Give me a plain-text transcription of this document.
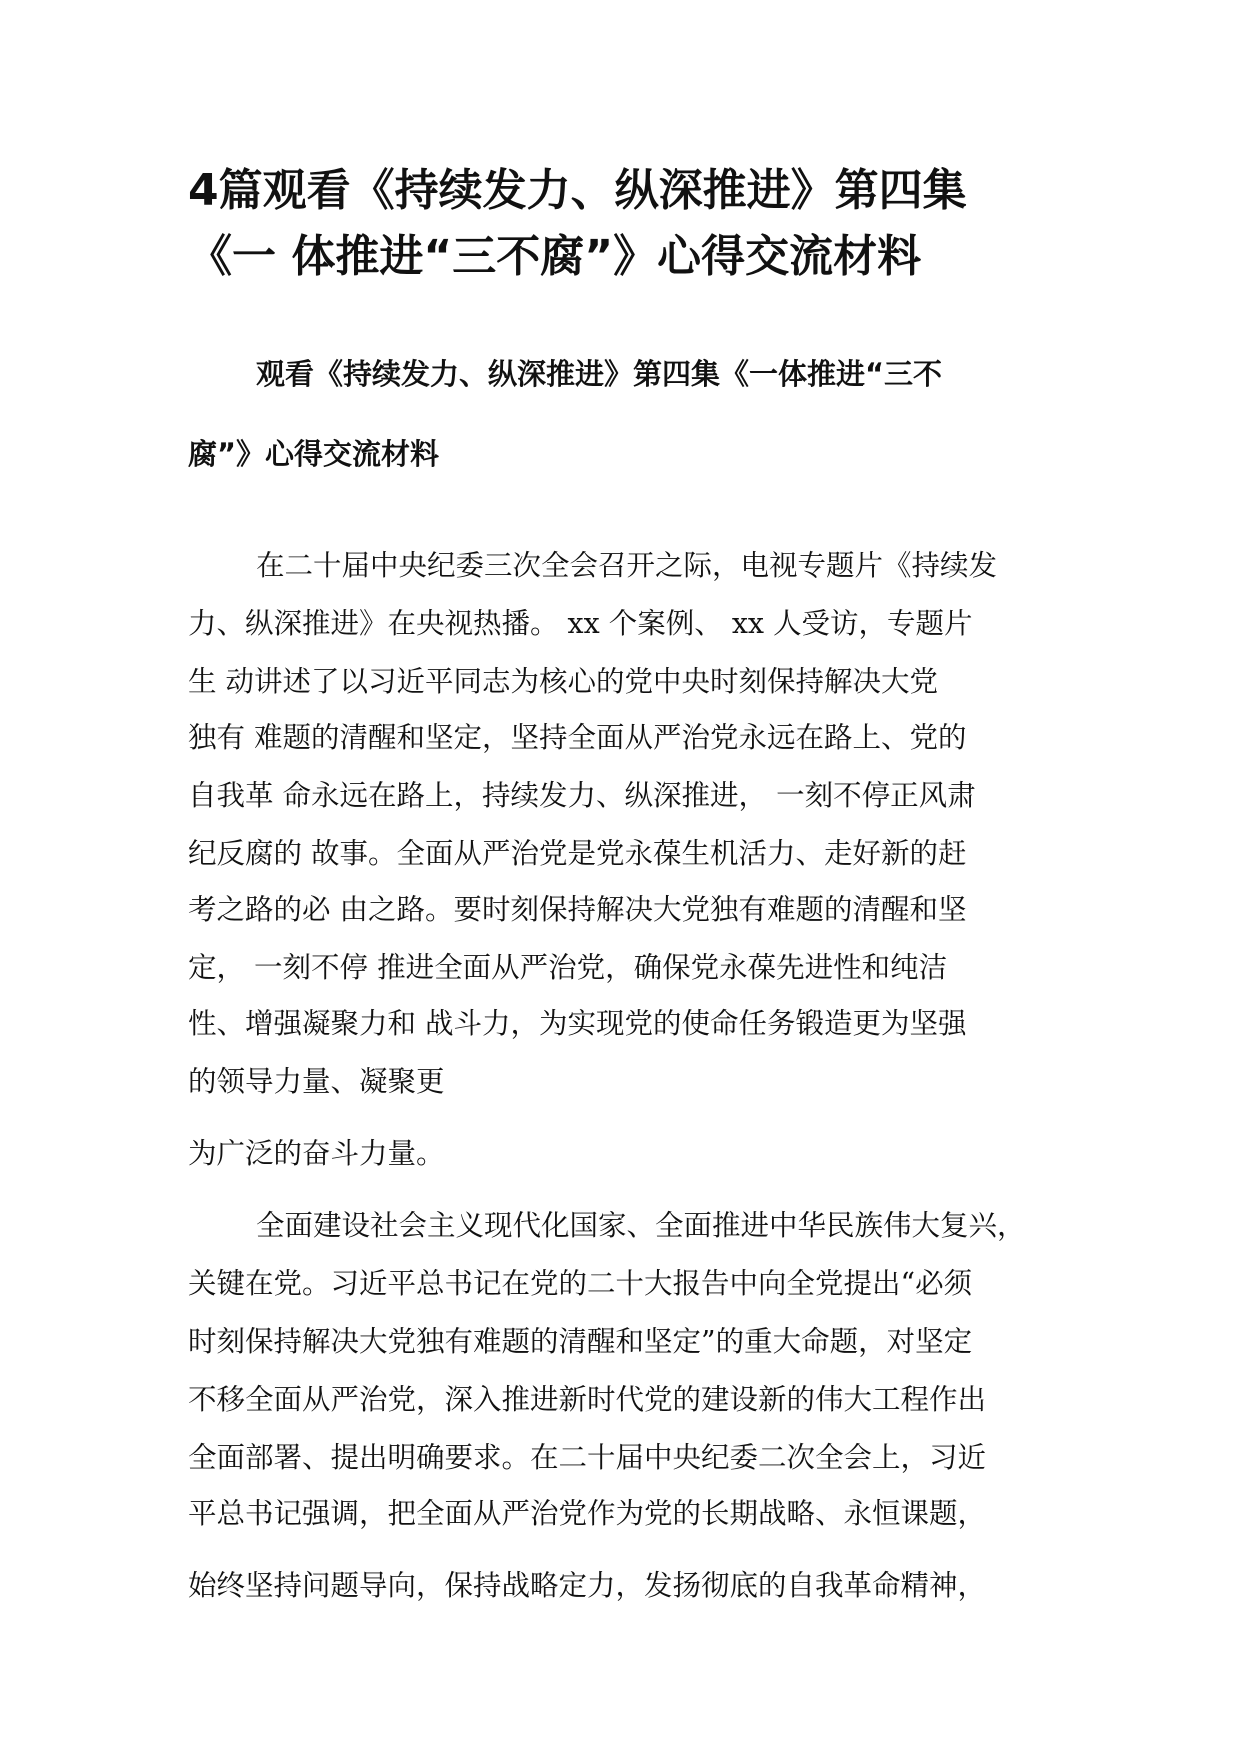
4篇观看《持续发力、纵深推进》第四集
《一 体推进“三不腐”》心得交流材料
观看《持续发力、纵深推进》第四集《一体推进“三不
腐”》心得交流材料
在二十届中央纪委三次全会召开之际，电视专题片《持续发
力、纵深推进》在央视热播。 xx 个案例、 xx 人受访，专题片
生 动讲述了以习近平同志为核心的党中央时刻保持解决大党
独有 难题的清醒和坚定，坚持全面从严治党永远在路上、党的
自我革 命永远在路上，持续发力、纵深推进， 一刻不停正风肃
纪反腐的 故事。全面从严治党是党永葆生机活力、走好新的赶
考之路的必 由之路。要时刻保持解决大党独有难题的清醒和坚
定， 一刻不停 推进全面从严治党，确保党永葆先进性和纯洁
性、增强凝聚力和 战斗力，为实现党的使命任务锻造更为坚强
的领导力量、凝聚更
为广泛的奋斗力量。
全面建设社会主义现代化国家、全面推进中华民族伟大复兴，
关键在党。习近平总书记在党的二十大报告中向全党提出“必须
时刻保持解决大党独有难题的清醒和坚定”的重大命题，对坚定
不移全面从严治党，深入推进新时代党的建设新的伟大工程作出
全面部署、提出明确要求。在二十届中央纪委二次全会上，习近
平总书记强调，把全面从严治党作为党的长期战略、永恒课题，
始终坚持问题导向，保持战略定力，发扬彻底的自我革命精神，
